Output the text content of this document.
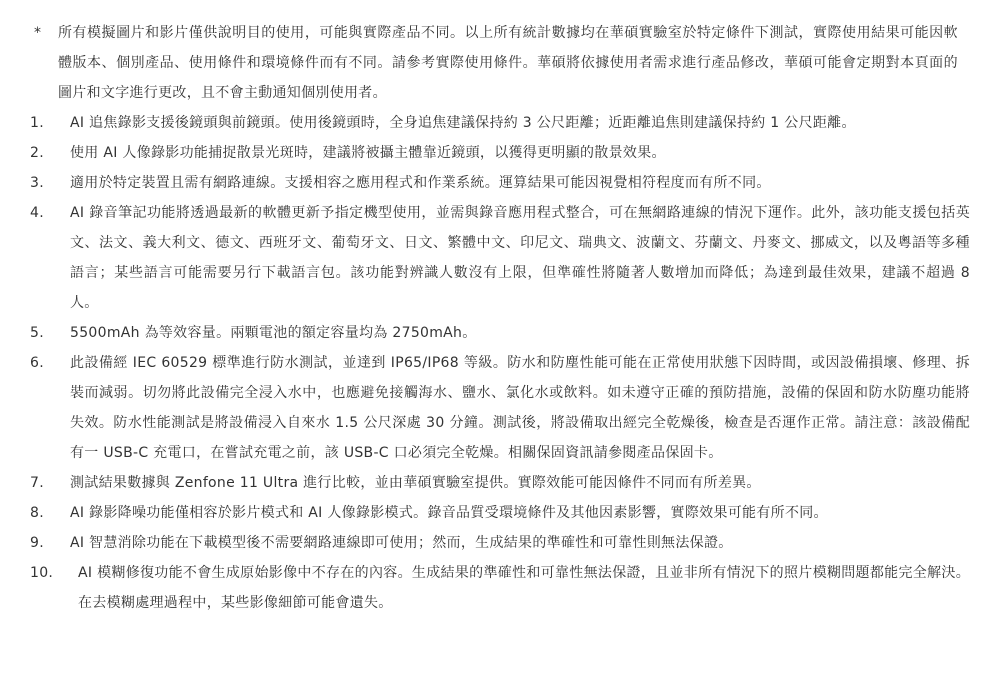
*	所有模擬圖片和影片僅供說明目的使用，可能與實際產品不同。以上所有統計數據均在華碩實驗室於特定條件下測試，實際使用結果可能因軟體版本、個別產品、使用條件和環境條件而有不同。請參考實際使用條件。華碩將依據使用者需求進行產品修改，華碩可能會定期對本頁面的圖片和文字進行更改，且不會主動通知個別使用者。
1.	AI 追焦錄影支援後鏡頭與前鏡頭。使用後鏡頭時，全身追焦建議保持約 3 公尺距離；近距離追焦則建議保持約 1 公尺距離。
2.	使用 AI 人像錄影功能捕捉散景光斑時，建議將被攝主體靠近鏡頭，以獲得更明顯的散景效果。
3.	適用於特定裝置且需有網路連線。支援相容之應用程式和作業系統。運算結果可能因視覺相符程度而有所不同。
4.	AI 錄音筆記功能將透過最新的軟體更新予指定機型使用，並需與錄音應用程式整合，可在無網路連線的情況下運作。此外，該功能支援包括英文、法文、義大利文、德文、西班牙文、葡萄牙文、日文、繁體中文、印尼文、瑞典文、波蘭文、芬蘭文、丹麥文、挪威文，以及粵語等多種語言；某些語言可能需要另行下載語言包。該功能對辨識人數沒有上限，但準確性將隨著人數增加而降低；為達到最佳效果，建議不超過 8 人。
5.	5500mAh 為等效容量。兩顆電池的額定容量均為 2750mAh。
6.	此設備經 IEC 60529 標準進行防水測試，並達到 IP65/IP68 等級。防水和防塵性能可能在正常使用狀態下因時間，或因設備損壞、修理、拆裝而減弱。切勿將此設備完全浸入水中，也應避免接觸海水、鹽水、氯化水或飲料。如未遵守正確的預防措施，設備的保固和防水防塵功能將失效。防水性能測試是將設備浸入自來水 1.5 公尺深處 30 分鐘。測試後，將設備取出經完全乾燥後，檢查是否運作正常。請注意：該設備配有一 USB-C 充電口，在嘗試充電之前，該 USB-C 口必須完全乾燥。相關保固資訊請參閱產品保固卡。
7.	測試結果數據與 Zenfone 11 Ultra 進行比較，並由華碩實驗室提供。實際效能可能因條件不同而有所差異。
8.	AI 錄影降噪功能僅相容於影片模式和 AI 人像錄影模式。錄音品質受環境條件及其他因素影響，實際效果可能有所不同。
9.	AI 智慧消除功能在下載模型後不需要網路連線即可使用；然而，生成結果的準確性和可靠性則無法保證。
10.	AI 模糊修復功能不會生成原始影像中不存在的內容。生成結果的準確性和可靠性無法保證，且並非所有情況下的照片模糊問題都能完全解決。在去模糊處理過程中，某些影像細節可能會遺失。
